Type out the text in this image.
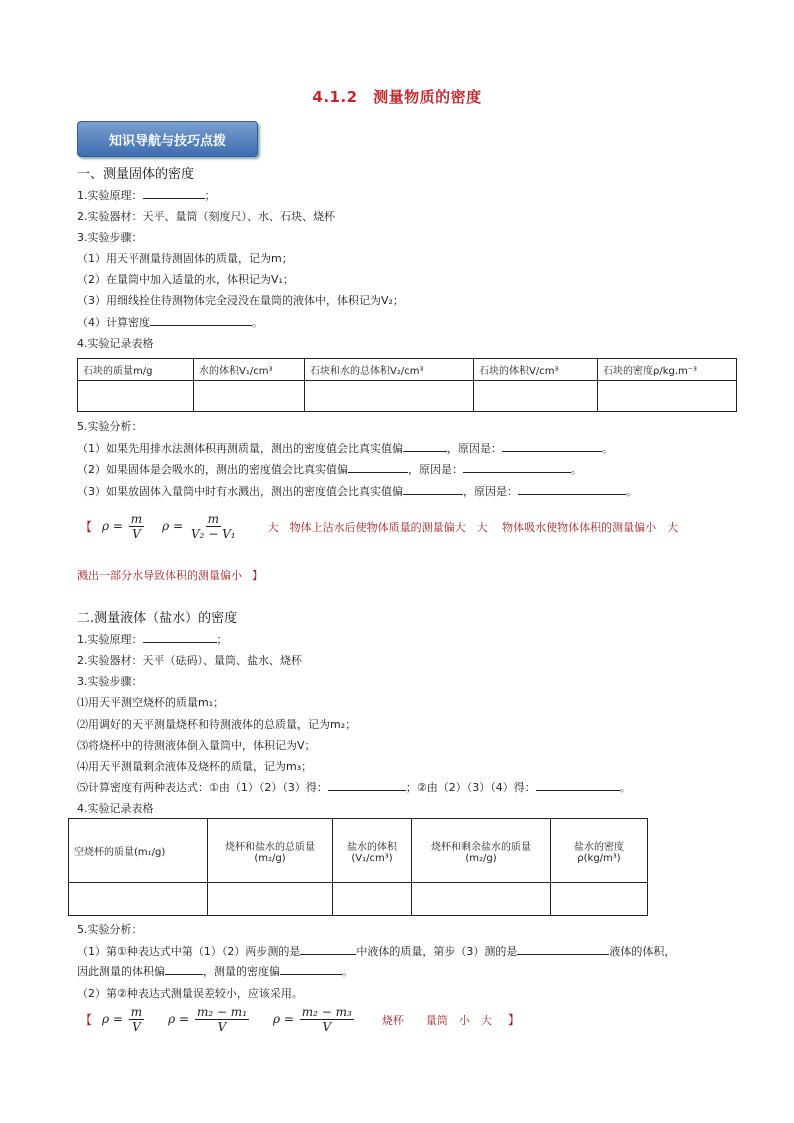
4.1.2　测量物质的密度
知识导航与技巧点拨
一、测量固体的密度
1.实验原理：	；
2.实验器材：天平、量筒（刻度尺）、水、石块、烧杯
3.实验步骤：
（1）用天平测量待测固体的质量，记为m；
（2）在量筒中加入适量的水，体积记为V₁；
（3）用细线拴住待测物体完全浸没在量筒的液体中，体积记为V₂；
（4）计算密度	。
4.实验记录表格
石块的质量m/g	水的体积V₁/cm³	石块和水的总体积V₂/cm³	石块的体积V/cm³	石块的密度ρ/kg.m⁻³

5.实验分析：
（1）如果先用排水法测体积再测质量，测出的密度值会比真实值偏	，原因是：	。
（2）如果固体是会吸水的，测出的密度值会比真实值偏	，原因是：	。
（3）如果放固体入量筒中时有水溅出，测出的密度值会比真实值偏	，原因是：	。
【 $\rho = \frac{m}{V}$ $\rho = \frac{m}{\text{V₂ − V₁}}$	大　物体上沾水后使物体质量的测量偏大　大　 物体吸水使物体体积的测量偏小　大
溅出一部分水导致体积的测量偏小 】
二.测量液体（盐水）的密度
1.实验原理：	；
2.实验器材：天平（砝码）、量筒、盐水、烧杯
3.实验步骤：
⑴用天平测空烧杯的质量m₁；
⑵用调好的天平测量烧杯和待测液体的总质量，记为m₂；
⑶将烧杯中的待测液体倒入量筒中，体积记为V；
⑷用天平测量剩余液体及烧杯的质量，记为m₃；
⑸计算密度有两种表达式：①由（1）（2）（3）得：	；②由（2）（3）（4）得：	。
4.实验记录表格
空烧杯的质量(m₁/g)	烧杯和盐水的总质量(m₂/g)	盐水的体积(V₁/cm³)	烧杯和剩余盐水的质量(m₂/g)	盐水的密度ρ(kg/m³)

5.实验分析：
（1）第①种表达式中第（1）（2）两步测的是	中液体的质量，第步（3）测的是	液体的体积，
因此测量的体积偏	，测量的密度偏	。
（2）第②种表达式测量误差较小，应该采用。
【 $\rho = \frac{m}{V}$ $\rho = \frac{\text{m₂ − m₁}}{V}$ $\rho = \frac{\text{m₂ − m₃}}{V}$	烧杯　　量筒　小　大 】
